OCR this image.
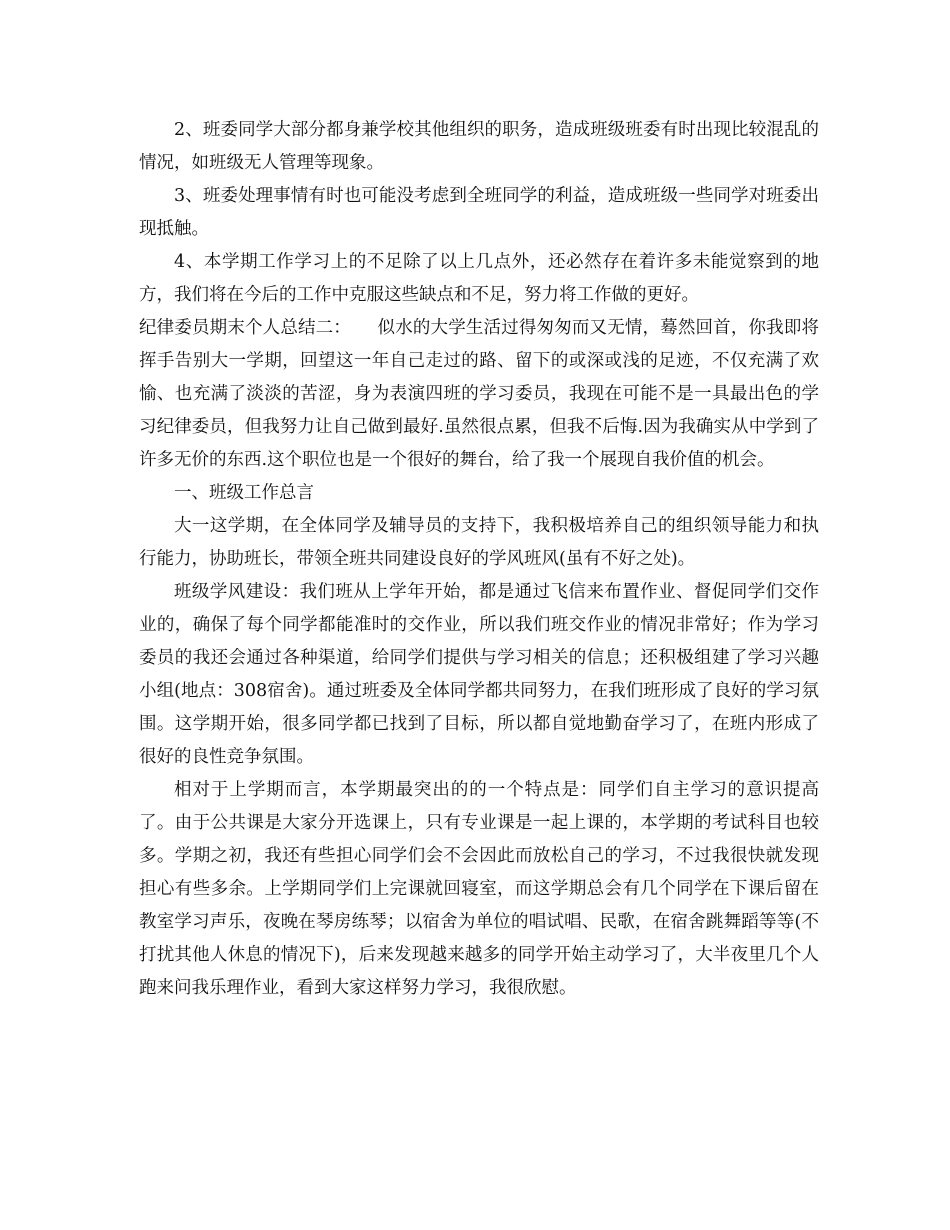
2、班委同学大部分都身兼学校其他组织的职务，造成班级班委有时出现比较混乱的情况，如班级无人管理等现象。

3、班委处理事情有时也可能没考虑到全班同学的利益，造成班级一些同学对班委出现抵触。

4、本学期工作学习上的不足除了以上几点外，还必然存在着许多未能觉察到的地方，我们将在今后的工作中克服这些缺点和不足，努力将工作做的更好。

纪律委员期末个人总结二：　　似水的大学生活过得匆匆而又无情，蓦然回首，你我即将挥手告别大一学期，回望这一年自己走过的路、留下的或深或浅的足迹，不仅充满了欢愉、也充满了淡淡的苦涩，身为表演四班的学习委员，我现在可能不是一具最出色的学习纪律委员，但我努力让自己做到最好.虽然很点累，但我不后悔.因为我确实从中学到了许多无价的东西.这个职位也是一个很好的舞台，给了我一个展现自我价值的机会。

一、班级工作总言

大一这学期，在全体同学及辅导员的支持下，我积极培养自己的组织领导能力和执行能力，协助班长，带领全班共同建设良好的学风班风(虽有不好之处)。

班级学风建设：我们班从上学年开始，都是通过飞信来布置作业、督促同学们交作业的，确保了每个同学都能准时的交作业，所以我们班交作业的情况非常好；作为学习委员的我还会通过各种渠道，给同学们提供与学习相关的信息；还积极组建了学习兴趣小组(地点：308宿舍)。通过班委及全体同学都共同努力，在我们班形成了良好的学习氛围。这学期开始，很多同学都已找到了目标，所以都自觉地勤奋学习了，在班内形成了很好的良性竞争氛围。

相对于上学期而言，本学期最突出的的一个特点是：同学们自主学习的意识提高了。由于公共课是大家分开选课上，只有专业课是一起上课的，本学期的考试科目也较多。学期之初，我还有些担心同学们会不会因此而放松自己的学习，不过我很快就发现担心有些多余。上学期同学们上完课就回寝室，而这学期总会有几个同学在下课后留在教室学习声乐，夜晚在琴房练琴；以宿舍为单位的唱试唱、民歌，在宿舍跳舞蹈等等(不打扰其他人休息的情况下)，后来发现越来越多的同学开始主动学习了，大半夜里几个人跑来问我乐理作业，看到大家这样努力学习，我很欣慰。
